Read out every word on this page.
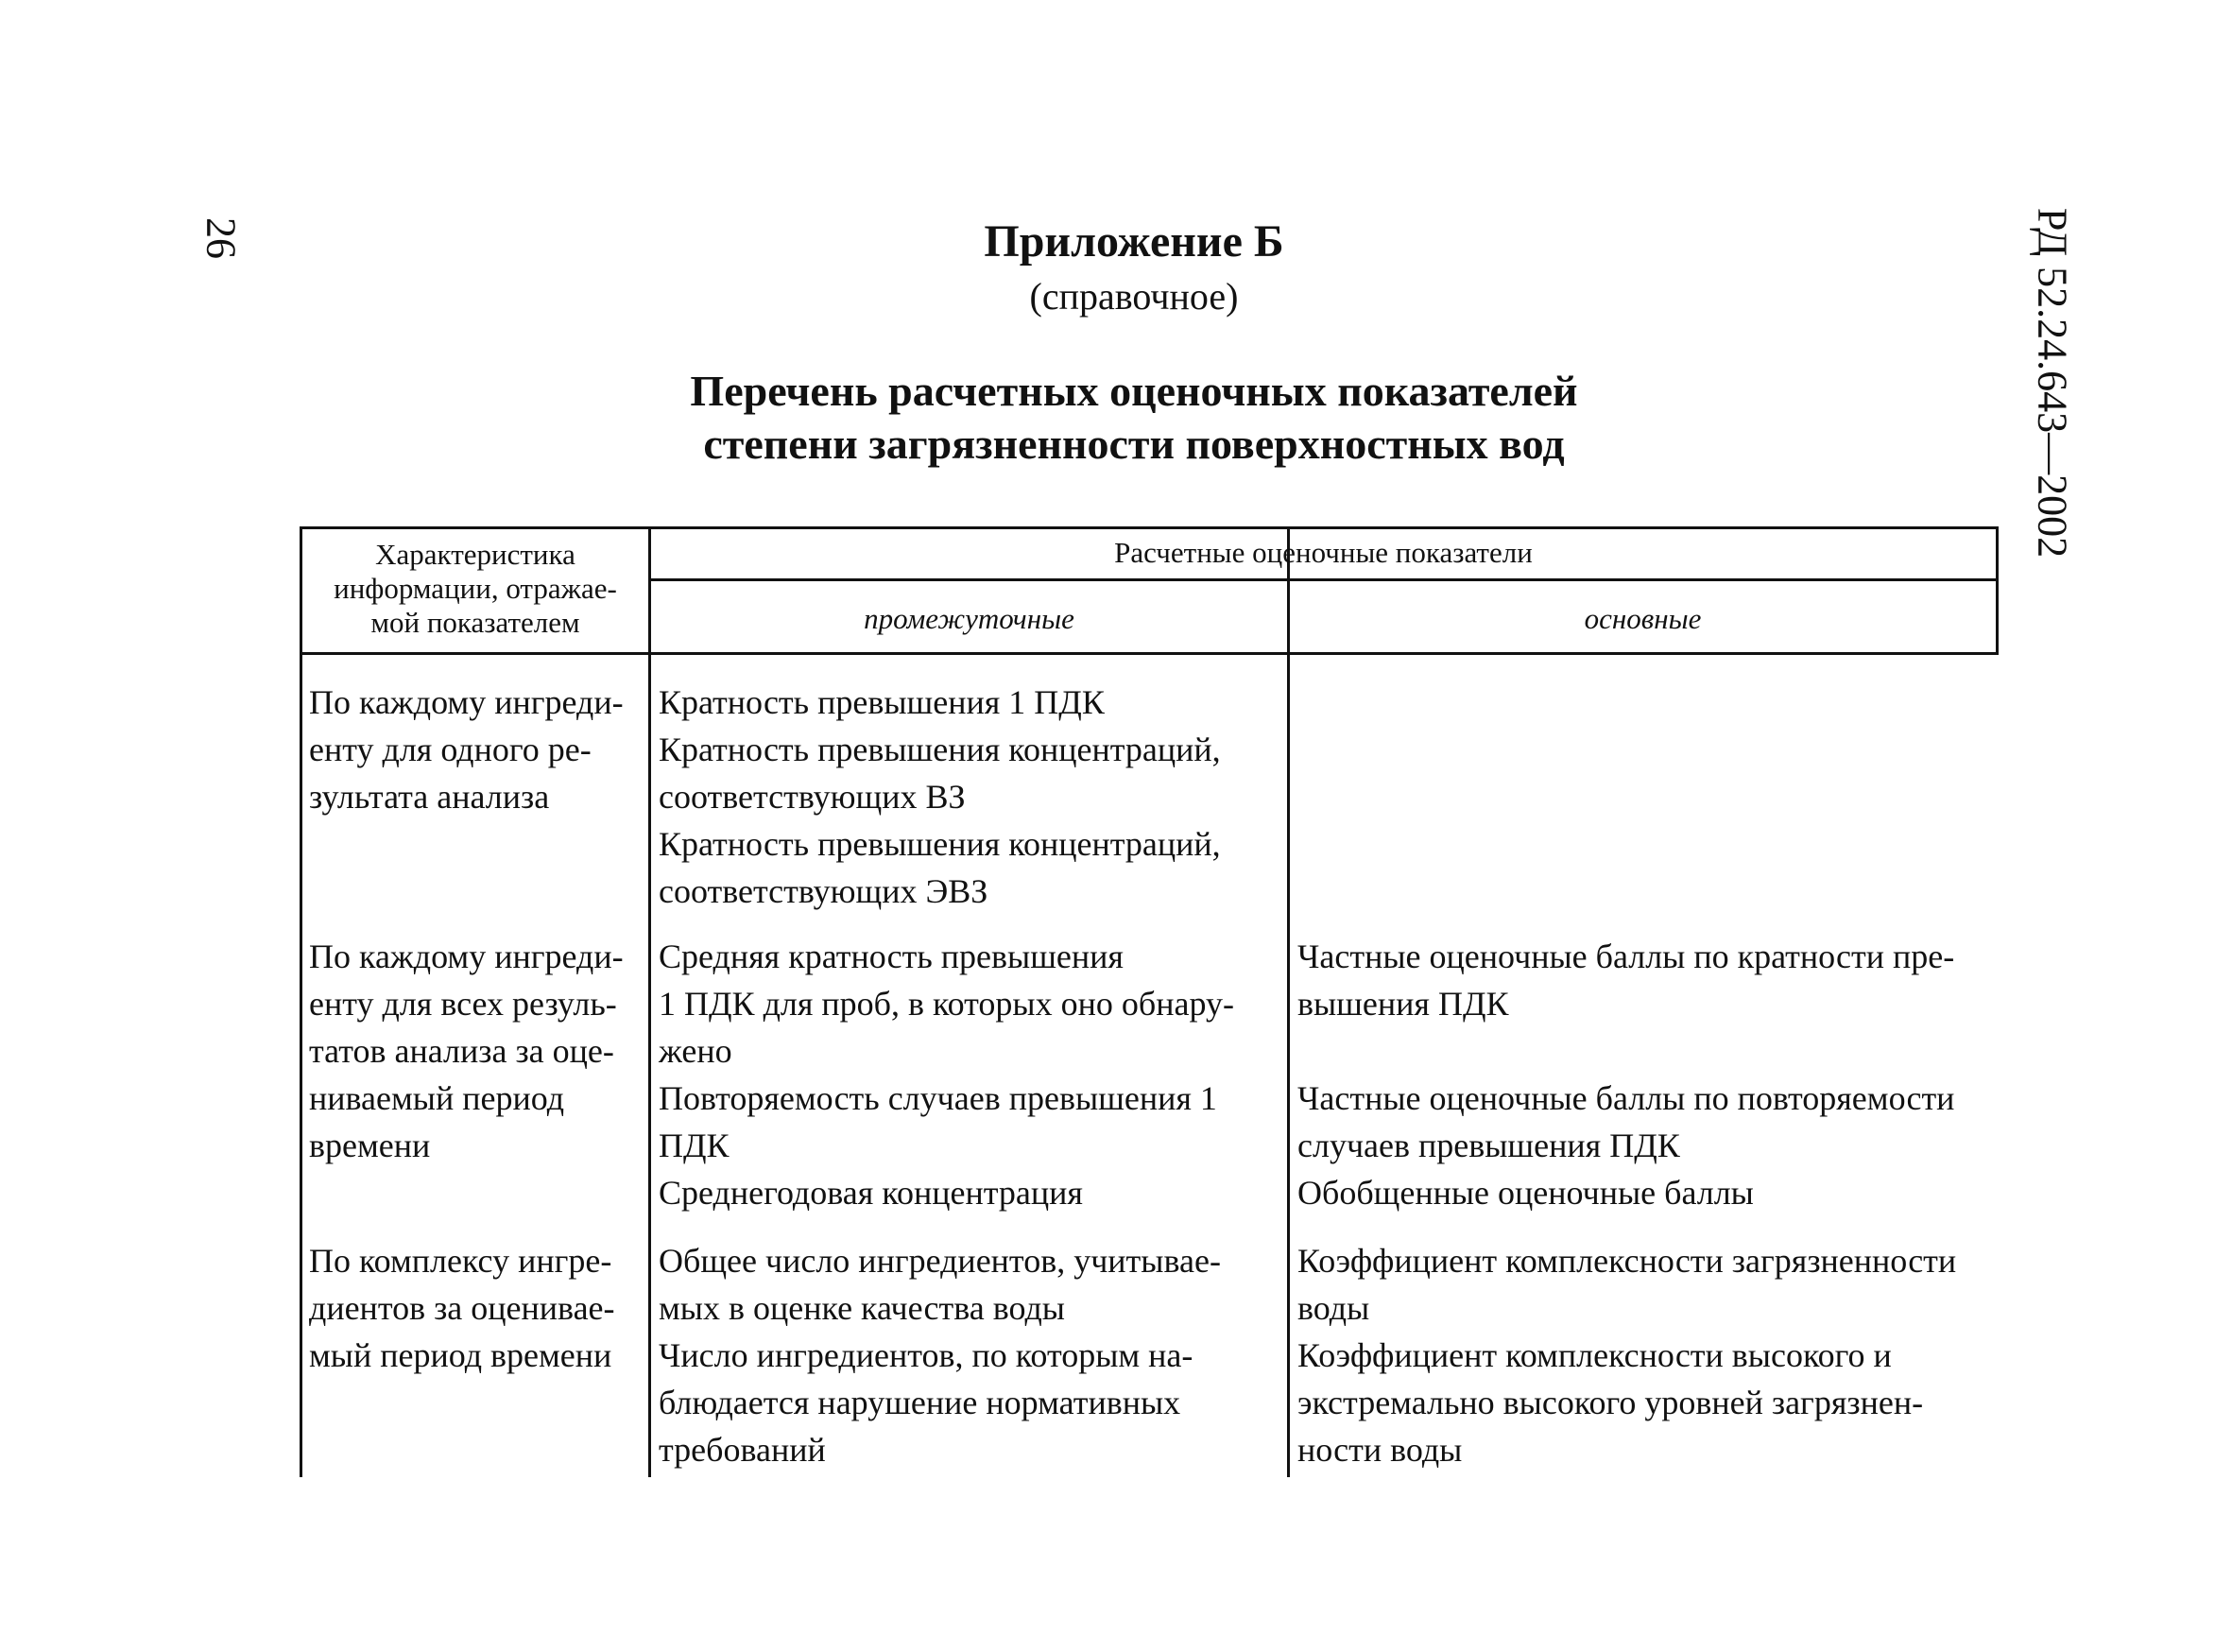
26	РД 52.24.643—2002
Приложение Б
(справочное)
Перечень расчетных оценочных показателей
степени загрязненности поверхностных вод
Характеристика
информации, отражае-
мой показателем
Расчетные оценочные показатели
промежуточные	основные
По каждому ингреди-
енту для одного ре-
зультата анализа
Кратность превышения 1 ПДК
Кратность превышения концентраций,
соответствующих ВЗ
Кратность превышения концентраций,
соответствующих ЭВЗ
По каждому ингреди-
енту для всех резуль-
татов анализа за оце-
ниваемый период
времени
Средняя кратность превышения
1 ПДК для проб, в которых оно обнару-
жено
Повторяемость случаев превышения 1
ПДК
Среднегодовая концентрация
Частные оценочные баллы по кратности пре-
вышения ПДК
Частные оценочные баллы по повторяемости
случаев превышения ПДК
Обобщенные оценочные баллы
По комплексу ингре-
диентов за оценивае-
мый период времени
Общее число ингредиентов, учитывае-
мых в оценке качества воды
Число ингредиентов, по которым на-
блюдается нарушение нормативных
требований
Коэффициент комплексности загрязненности
воды
Коэффициент комплексности высокого и
экстремально высокого уровней загрязнен-
ности воды
